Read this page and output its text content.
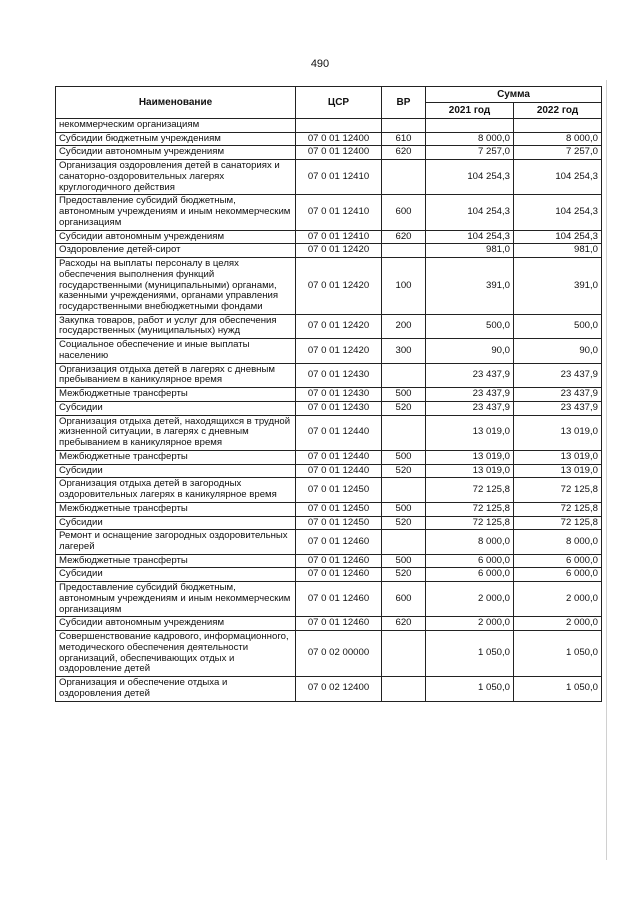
490
Наименование	ЦСР	ВР	Сумма	
			2021 год	2022 год
некоммерческим организациям				
Субсидии бюджетным учреждениям	07 0 01 12400	610	8 000,0	8 000,0
Субсидии автономным учреждениям	07 0 01 12400	620	7 257,0	7 257,0
Организация оздоровления детей в санаториях и санаторно-оздоровительных лагерях круглогодичного действия	07 0 01 12410		104 254,3	104 254,3
Предоставление субсидий бюджетным, автономным учреждениям и иным некоммерческим организациям	07 0 01 12410	600	104 254,3	104 254,3
Субсидии автономным учреждениям	07 0 01 12410	620	104 254,3	104 254,3
Оздоровление детей-сирот	07 0 01 12420		981,0	981,0
Расходы на выплаты персоналу в целях обеспечения выполнения функций государственными (муниципальными) органами, казенными учреждениями, органами управления государственными внебюджетными фондами	07 0 01 12420	100	391,0	391,0
Закупка товаров, работ и услуг для обеспечения государственных (муниципальных) нужд	07 0 01 12420	200	500,0	500,0
Социальное обеспечение и иные выплаты населению	07 0 01 12420	300	90,0	90,0
Организация отдыха детей в лагерях с дневным пребыванием в каникулярное время	07 0 01 12430		23 437,9	23 437,9
Межбюджетные трансферты	07 0 01 12430	500	23 437,9	23 437,9
Субсидии	07 0 01 12430	520	23 437,9	23 437,9
Организация отдыха детей, находящихся в трудной жизненной ситуации, в лагерях с дневным пребыванием в каникулярное время	07 0 01 12440		13 019,0	13 019,0
Межбюджетные трансферты	07 0 01 12440	500	13 019,0	13 019,0
Субсидии	07 0 01 12440	520	13 019,0	13 019,0
Организация отдыха детей в загородных оздоровительных лагерях в каникулярное время	07 0 01 12450		72 125,8	72 125,8
Межбюджетные трансферты	07 0 01 12450	500	72 125,8	72 125,8
Субсидии	07 0 01 12450	520	72 125,8	72 125,8
Ремонт и оснащение загородных оздоровительных лагерей	07 0 01 12460		8 000,0	8 000,0
Межбюджетные трансферты	07 0 01 12460	500	6 000,0	6 000,0
Субсидии	07 0 01 12460	520	6 000,0	6 000,0
Предоставление субсидий бюджетным, автономным учреждениям и иным некоммерческим организациям	07 0 01 12460	600	2 000,0	2 000,0
Субсидии автономным учреждениям	07 0 01 12460	620	2 000,0	2 000,0
Совершенствование кадрового, информационного, методического обеспечения деятельности организаций, обеспечивающих отдых и оздоровление детей	07 0 02 00000		1 050,0	1 050,0
Организация и обеспечение отдыха и оздоровления детей	07 0 02 12400		1 050,0	1 050,0
